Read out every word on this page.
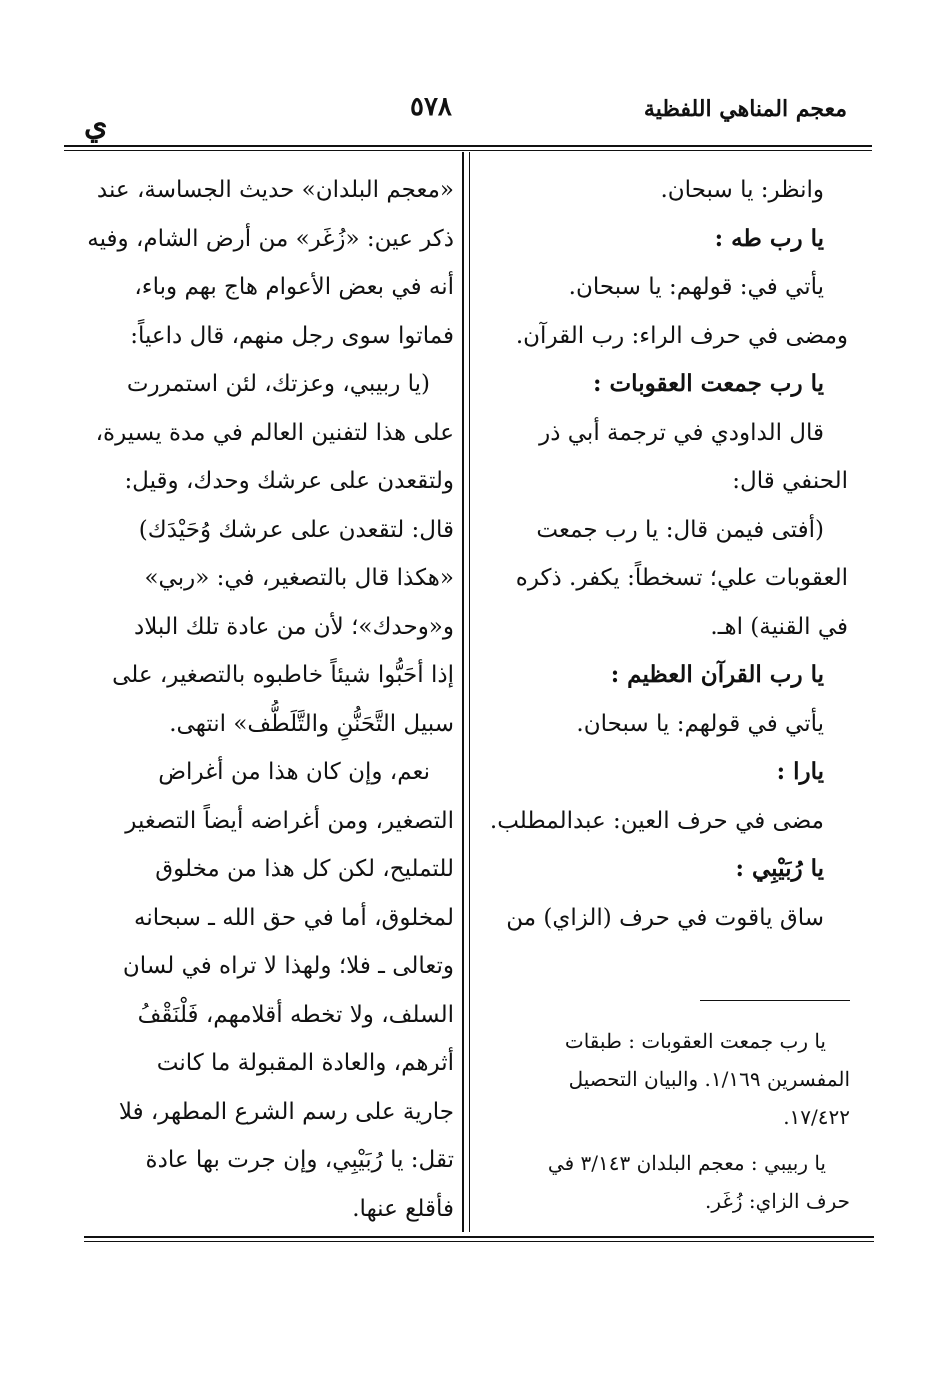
معجم المناهي اللفظية
٥٧٨
ي
وانظر: يا سبحان.
يا رب طه :
يأتي في: قولهم: يا سبحان.
ومضى في حرف الراء: رب القرآن.
يا رب جمعت العقوبات :
قال الداودي في ترجمة أبي ذر
الحنفي قال:
(أفتى فيمن قال: يا رب جمعت
العقوبات علي؛ تسخطاً: يكفر. ذكره
في القنية) اهـ.
يا رب القرآن العظيم :
يأتي في قولهم: يا سبحان.
يارا :
مضى في حرف العين: عبدالمطلب.
يا رُبَيْبِي :
ساق ياقوت في حرف (الزاي) من
يا رب جمعت العقوبات : طبقات
المفسرين ١/١٦٩. والبيان التحصيل
١٧/٤٢٢.
يا ربيبي : معجم البلدان ٣/١٤٣ في
حرف الزاي: زُغَر.
«معجم البلدان» حديث الجساسة، عند
ذكر عين: «زُغَر» من أرض الشام، وفيه
أنه في بعض الأعوام هاج بهم وباء،
فماتوا سوى رجل منهم، قال داعياً:
(يا ربيبي، وعزتك، لئن استمررت
على هذا لتفنين العالم في مدة يسيرة،
ولتقعدن على عرشك وحدك، وقيل:
قال: لتقعدن على عرشك وُحَيْدَك)
«هكذا قال بالتصغير، في: «ربي»
و«وحدك»؛ لأن من عادة تلك البلاد
إذا أحَبُّوا شيئاً خاطبوه بالتصغير، على
سبيل التَّحَنُّنِ والتَّلَطُّف» انتهى.
نعم، وإن كان هذا من أغراض
التصغير، ومن أغراضه أيضاً التصغير
للتمليح، لكن كل هذا من مخلوق
لمخلوق، أما في حق الله ـ سبحانه
وتعالى ـ فلا؛ ولهذا لا تراه في لسان
السلف، ولا تخطه أقلامهم، فَلْنَقْفُ
أثرهم، والعادة المقبولة ما كانت
جارية على رسم الشرع المطهر، فلا
تقل: يا رُبَيْبِي، وإن جرت بها عادة
فأقلع عنها.
